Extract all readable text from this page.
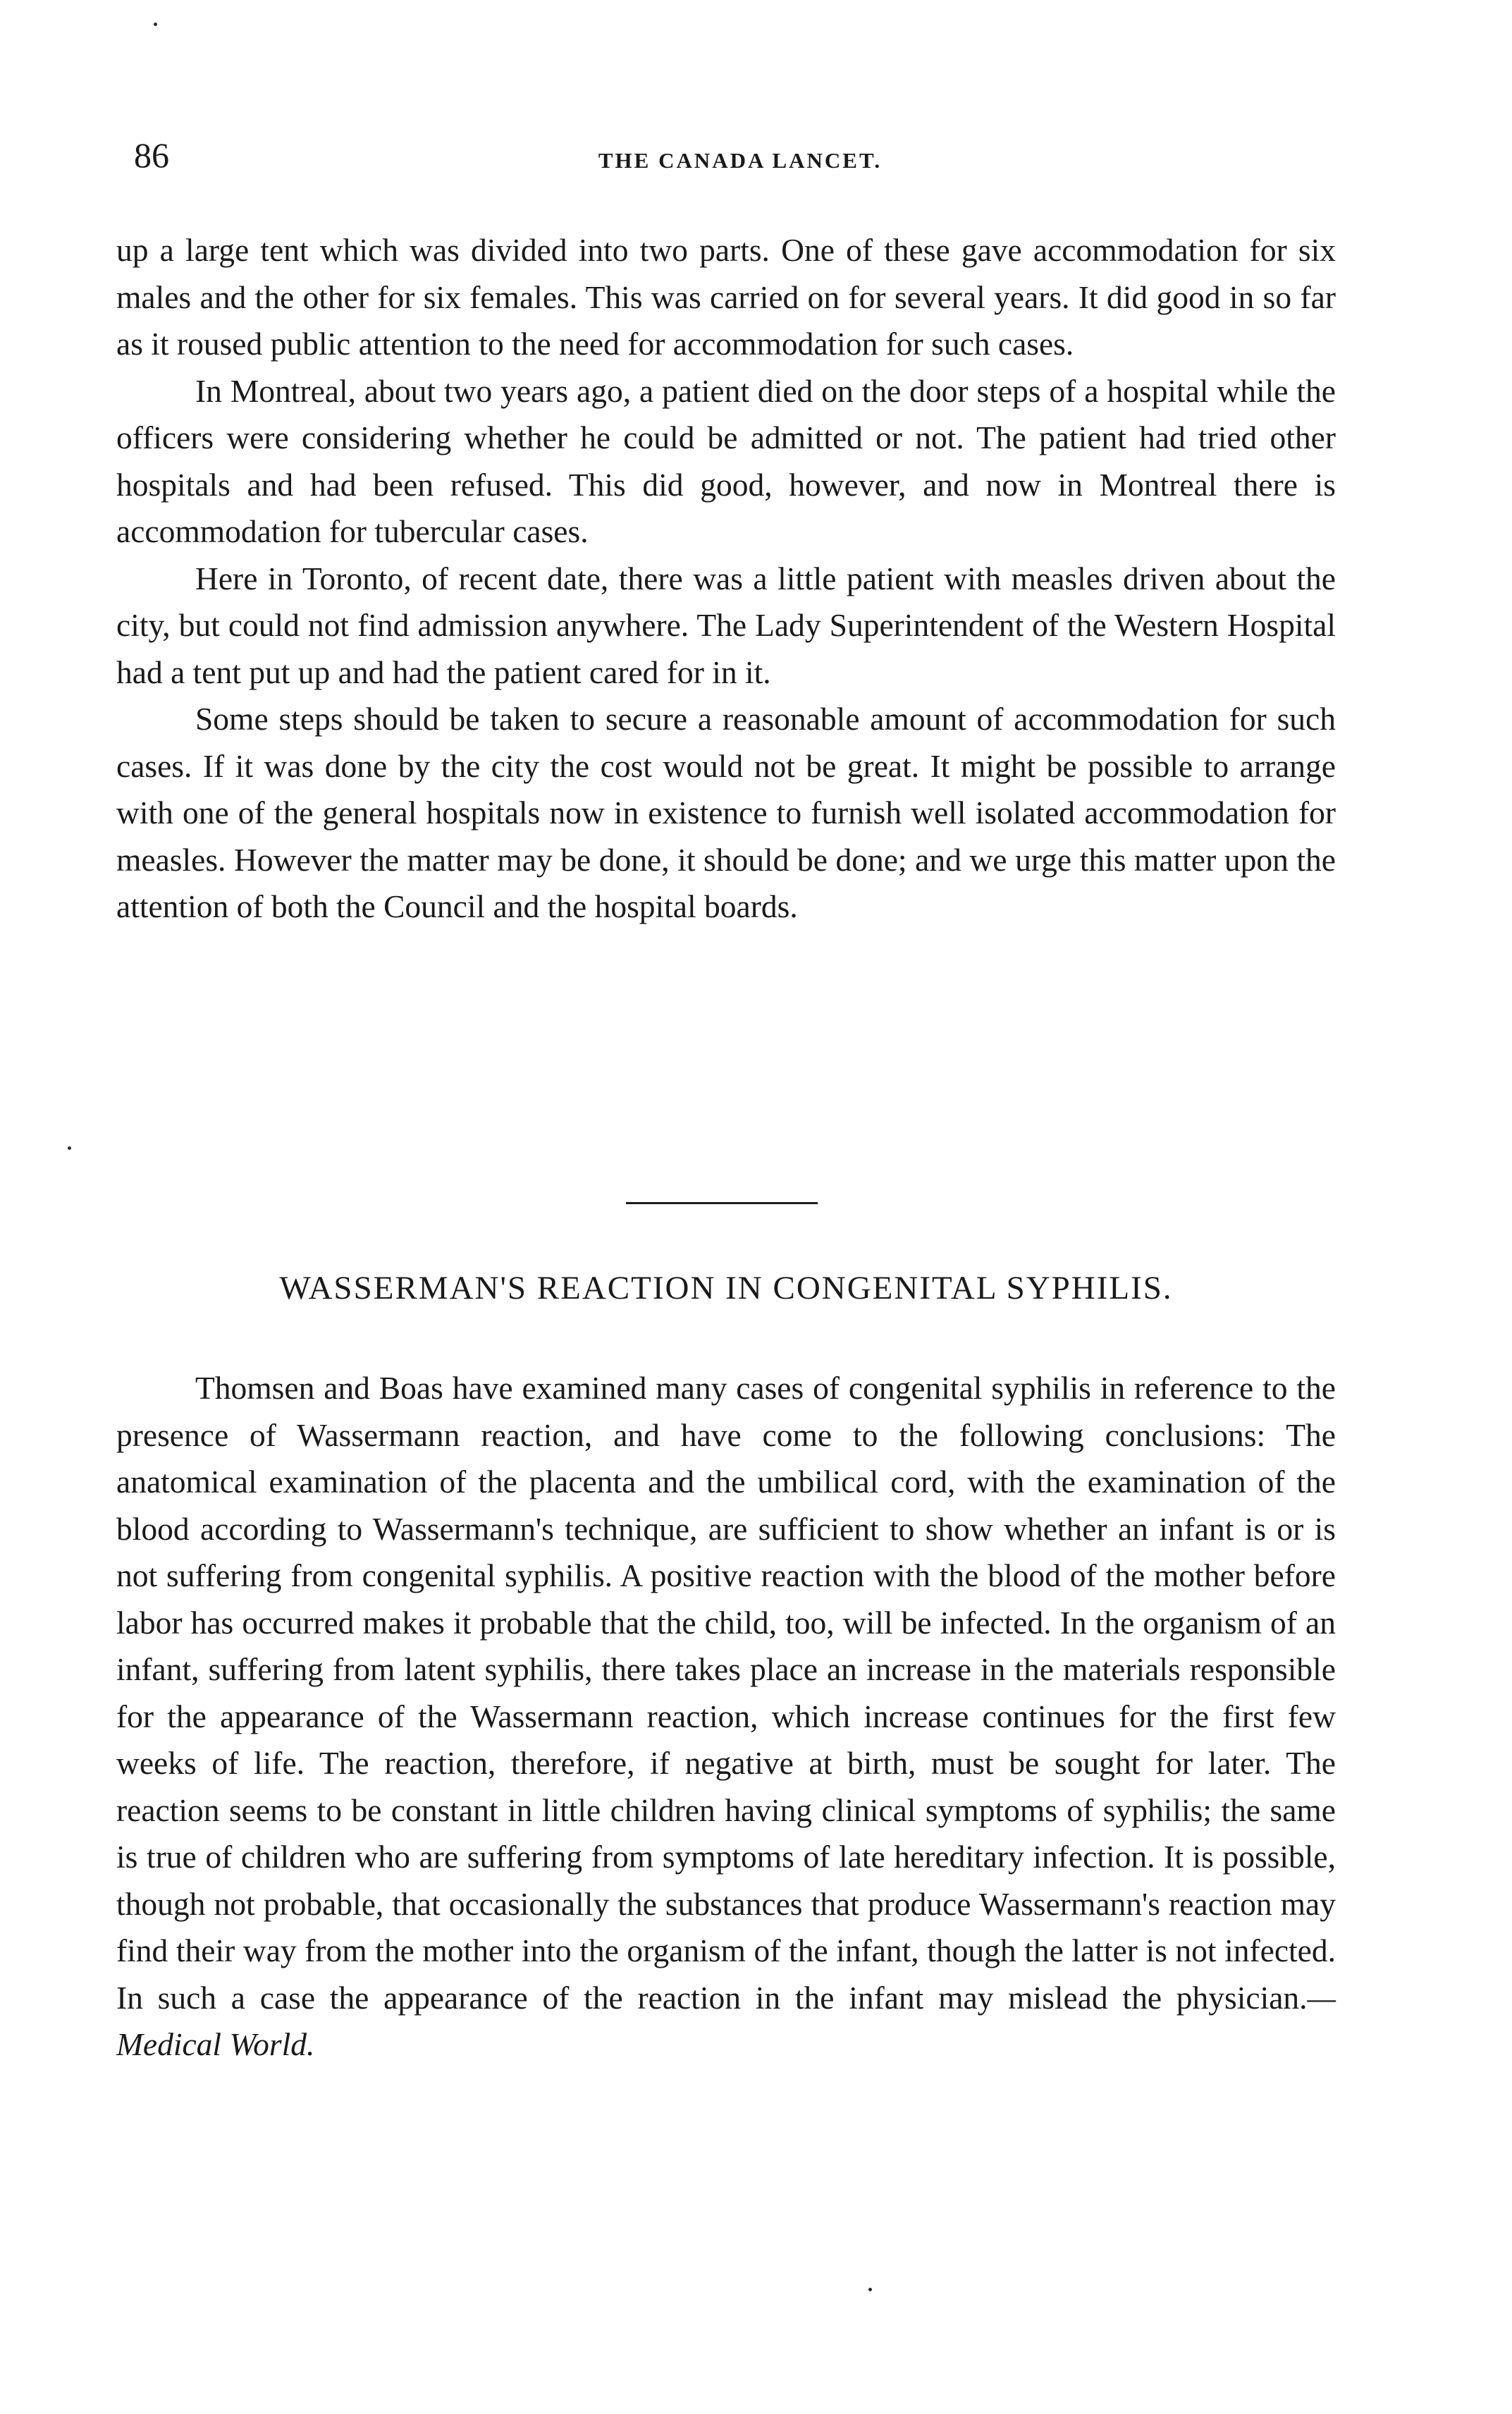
86	THE CANADA LANCET.

up a large tent which was divided into two parts. One of these gave accommodation for six males and the other for six females. This was carried on for several years. It did good in so far as it roused public attention to the need for accommodation for such cases.

In Montreal, about two years ago, a patient died on the door steps of a hospital while the officers were considering whether he could be admitted or not. The patient had tried other hospitals and had been refused. This did good, however, and now in Montreal there is accommodation for tubercular cases.

Here in Toronto, of recent date, there was a little patient with measles driven about the city, but could not find admission anywhere. The Lady Superintendent of the Western Hospital had a tent put up and had the patient cared for in it.

Some steps should be taken to secure a reasonable amount of accommodation for such cases. If it was done by the city the cost would not be great. It might be possible to arrange with one of the general hospitals now in existence to furnish well isolated accommodation for measles. However the matter may be done, it should be done; and we urge this matter upon the attention of both the Council and the hospital boards.

WASSERMAN'S REACTION IN CONGENITAL SYPHILIS.

Thomsen and Boas have examined many cases of congenital syphilis in reference to the presence of Wassermann reaction, and have come to the following conclusions: The anatomical examination of the placenta and the umbilical cord, with the examination of the blood according to Wassermann's technique, are sufficient to show whether an infant is or is not suffering from congenital syphilis. A positive reaction with the blood of the mother before labor has occurred makes it probable that the child, too, will be infected. In the organism of an infant, suffering from latent syphilis, there takes place an increase in the materials responsible for the appearance of the Wassermann reaction, which increase continues for the first few weeks of life. The reaction, therefore, if negative at birth, must be sought for later. The reaction seems to be constant in little children having clinical symptoms of syphilis; the same is true of children who are suffering from symptoms of late hereditary infection. It is possible, though not probable, that occasionally the substances that produce Wassermann's reaction may find their way from the mother into the organism of the infant, though the latter is not infected. In such a case the appearance of the reaction in the infant may mislead the physician.—Medical World.
